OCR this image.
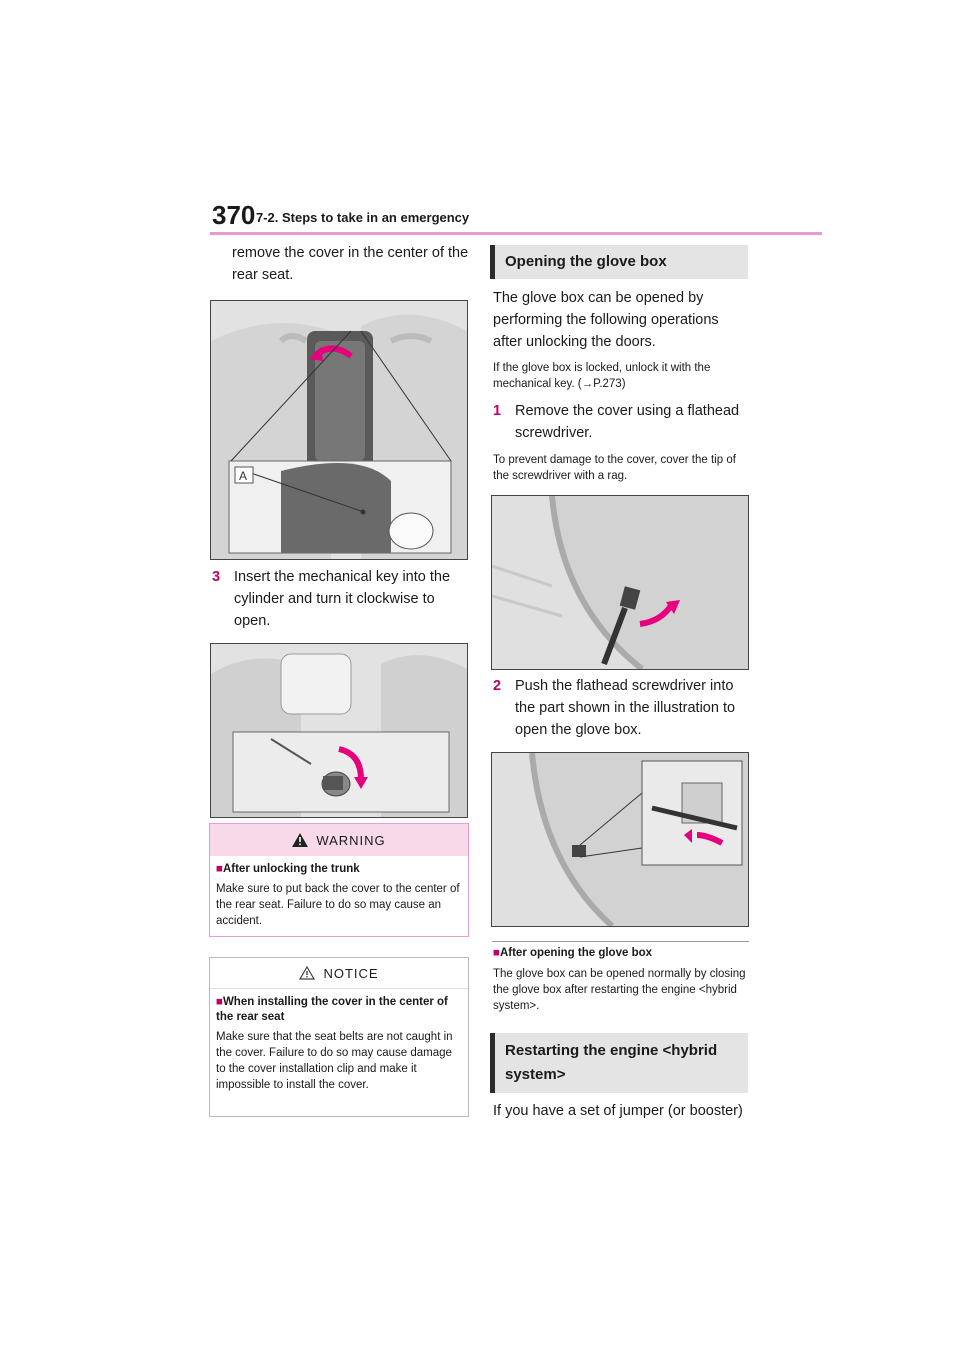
370 7-2. Steps to take in an emergency

remove the cover in the center of the rear seat.

A
3 Insert the mechanical key into the cylinder and turn it clockwise to open.
WARNING

■After unlocking the trunk

Make sure to put back the cover to the center of the rear seat. Failure to do so may cause an accident.

NOTICE

■When installing the cover in the center of the rear seat

Make sure that the seat belts are not caught in the cover. Failure to do so may cause damage to the cover installation clip and make it impossible to install the cover.

Opening the glove box

The glove box can be opened by performing the following operations after unlocking the doors.

If the glove box is locked, unlock it with the mechanical key. (→P.273)

1 Remove the cover using a flathead screwdriver.

To prevent damage to the cover, cover the tip of the screwdriver with a rag.

2 Push the flathead screwdriver into the part shown in the illustration to open the glove box.

■After opening the glove box

The glove box can be opened normally by closing the glove box after restarting the engine <hybrid system>.

Restarting the engine <hybrid system>

If you have a set of jumper (or booster)
